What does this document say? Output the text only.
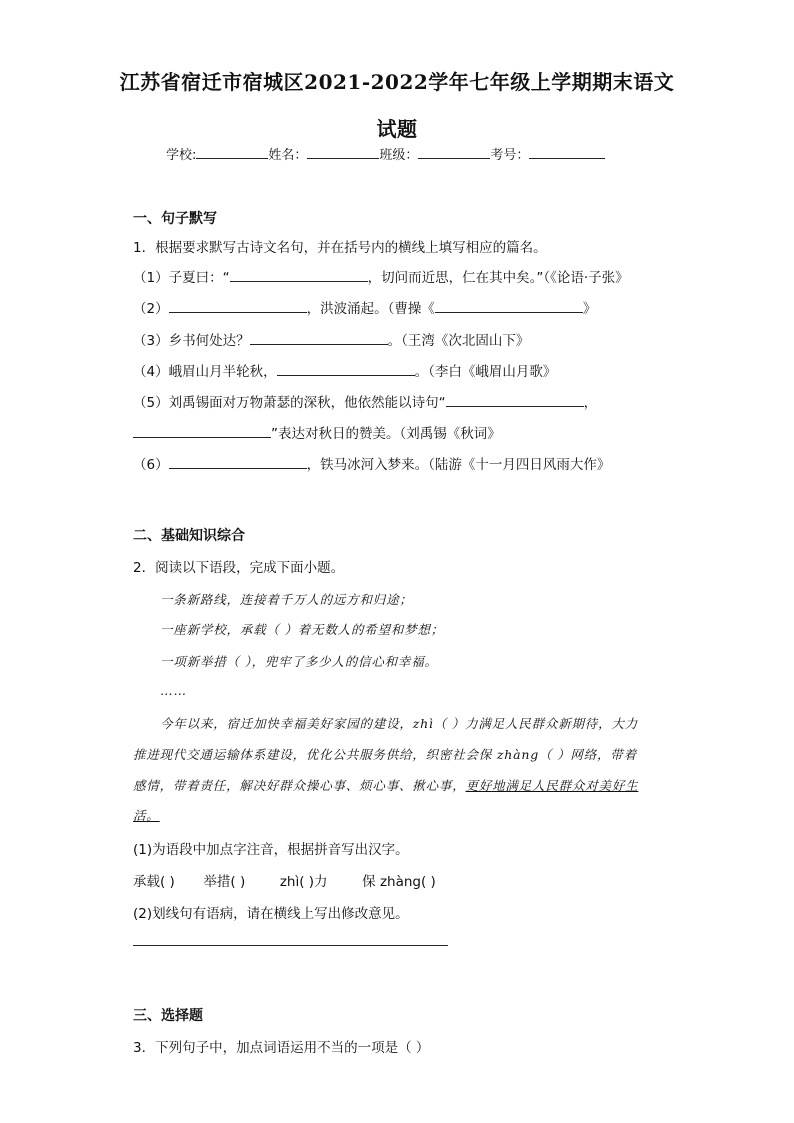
江苏省宿迁市宿城区2021-2022学年七年级上学期期末语文
试题
学校:	姓名：	班级：	考号：
一、句子默写
1．根据要求默写古诗文名句，并在括号内的横线上填写相应的篇名。
（1）子夏曰：“	，切问而近思，仁在其中矣。”（《论语·子张》
（2）	，洪波涌起。（曹操《	》
（3）乡书何处达？	。（王湾《次北固山下》
（4）峨眉山月半轮秋，	。（李白《峨眉山月歌》
（5）刘禹锡面对万物萧瑟的深秋，他依然能以诗句“	，
”表达对秋日的赞美。（刘禹锡《秋词》
（6）	，铁马冰河入梦来。（陆游《十一月四日风雨大作》
二、基础知识综合
2．阅读以下语段，完成下面小题。
一条新路线，连接着千万人的远方和归途；
一座新学校，承载（ ）着无数人的希望和梦想；
一项新举措（ ），兜牢了多少人的信心和幸福。
……
今年以来，宿迁加快幸福美好家园的建设，zhì（ ）力满足人民群众新期待，大力
推进现代交通运输体系建设，优化公共服务供给，织密社会保 zhàng（ ）网络，带着
感情，带着责任，解决好群众操心事、烦心事、揪心事，更好地满足人民群众对美好生
活。
(1)为语段中加点字注音，根据拼音写出汉字。
承载( ) 举措( )	zhì( )力	保 zhàng( )
(2)划线句有语病，请在横线上写出修改意见。
三、选择题
3．下列句子中，加点词语运用不当的一项是（ ）
